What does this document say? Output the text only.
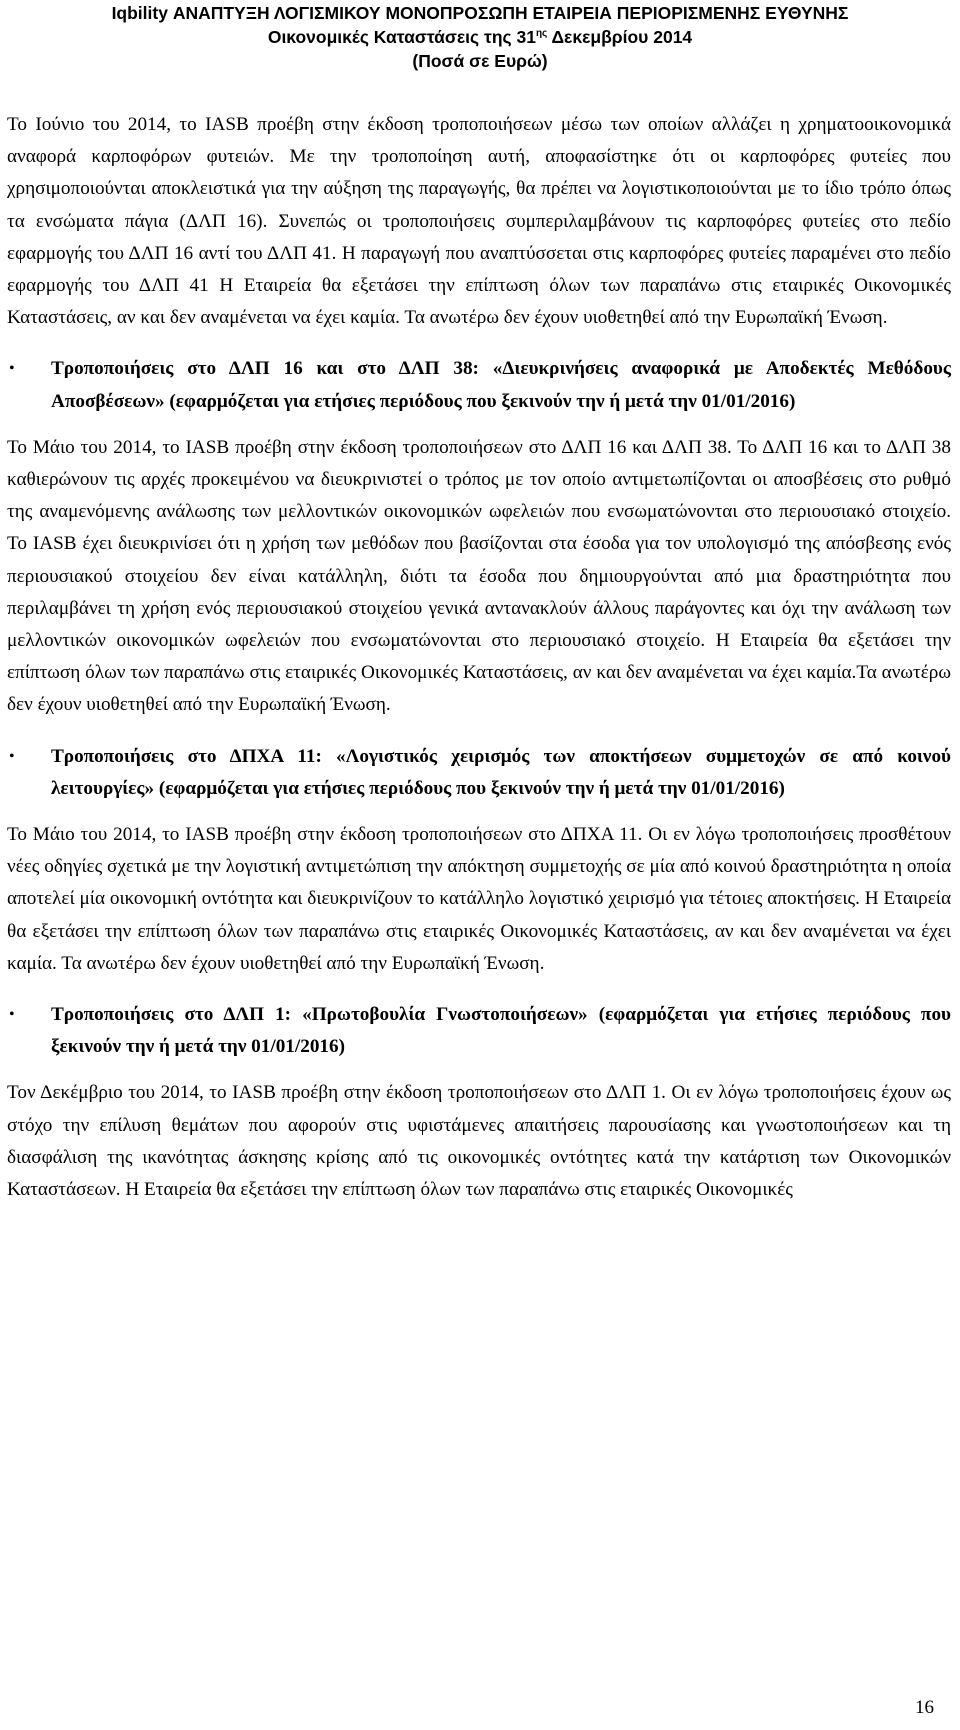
Iqbility ΑΝΑΠΤΥΞΗ ΛΟΓΙΣΜΙΚΟΥ ΜΟΝΟΠΡΟΣΩΠΗ ΕΤΑΙΡΕΙΑ ΠΕΡΙΟΡΙΣΜΕΝΗΣ ΕΥΘΥΝΗΣ
Οικονομικές Καταστάσεις της $31^{\eta\varsigma}$ Δεκεμβρίου 2014
(Ποσά σε Ευρώ)

Το Ιούνιο του 2014, το IASB προέβη στην έκδοση τροποποιήσεων μέσω των οποίων αλλάζει η χρηματοοικονομικά αναφορά καρποφόρων φυτειών. Με την τροποποίηση αυτή, αποφασίστηκε ότι οι καρποφόρες φυτείες που χρησιμοποιούνται αποκλειστικά για την αύξηση της παραγωγής, θα πρέπει να λογιστικοποιούνται με το ίδιο τρόπο όπως τα ενσώματα πάγια (ΔΛΠ 16). Συνεπώς οι τροποποιήσεις συμπεριλαμβάνουν τις καρποφόρες φυτείες στο πεδίο εφαρμογής του ΔΛΠ 16 αντί του ΔΛΠ 41. Η παραγωγή που αναπτύσσεται στις καρποφόρες φυτείες παραμένει στο πεδίο εφαρμογής του ΔΛΠ 41 Η Εταιρεία θα εξετάσει την επίπτωση όλων των παραπάνω στις εταιρικές Οικονομικές Καταστάσεις, αν και δεν αναμένεται να έχει καμία. Τα ανωτέρω δεν έχουν υιοθετηθεί από την Ευρωπαϊκή Ένωση.

• Τροποποιήσεις στο ΔΛΠ 16 και στο ΔΛΠ 38: «Διευκρινήσεις αναφορικά με Αποδεκτές Μεθόδους Αποσβέσεων» (εφαρμόζεται για ετήσιες περιόδους που ξεκινούν την ή μετά την 01/01/2016)

Το Μάιο του 2014, το IASB προέβη στην έκδοση τροποποιήσεων στο ΔΛΠ 16 και ΔΛΠ 38. Το ΔΛΠ 16 και το ΔΛΠ 38 καθιερώνουν τις αρχές προκειμένου να διευκρινιστεί ο τρόπος με τον οποίο αντιμετωπίζονται οι αποσβέσεις στο ρυθμό της αναμενόμενης ανάλωσης των μελλοντικών οικονομικών ωφελειών που ενσωματώνονται στο περιουσιακό στοιχείο. Το IASB έχει διευκρινίσει ότι η χρήση των μεθόδων που βασίζονται στα έσοδα για τον υπολογισμό της απόσβεσης ενός περιουσιακού στοιχείου δεν είναι κατάλληλη, διότι τα έσοδα που δημιουργούνται από μια δραστηριότητα που περιλαμβάνει τη χρήση ενός περιουσιακού στοιχείου γενικά αντανακλούν άλλους παράγοντες και όχι την ανάλωση των μελλοντικών οικονομικών ωφελειών που ενσωματώνονται στο περιουσιακό στοιχείο. Η Εταιρεία θα εξετάσει την επίπτωση όλων των παραπάνω στις εταιρικές Οικονομικές Καταστάσεις, αν και δεν αναμένεται να έχει καμία.Τα ανωτέρω δεν έχουν υιοθετηθεί από την Ευρωπαϊκή Ένωση.

• Τροποποιήσεις στο ΔΠΧΑ 11: «Λογιστικός χειρισμός των αποκτήσεων συμμετοχών σε από κοινού λειτουργίες» (εφαρμόζεται για ετήσιες περιόδους που ξεκινούν την ή μετά την 01/01/2016)

Το Μάιο του 2014, το IASB προέβη στην έκδοση τροποποιήσεων στο ΔΠΧΑ 11. Οι εν λόγω τροποποιήσεις προσθέτουν νέες οδηγίες σχετικά με την λογιστική αντιμετώπιση την απόκτηση συμμετοχής σε μία από κοινού δραστηριότητα η οποία αποτελεί μία οικονομική οντότητα και διευκρινίζουν το κατάλληλο λογιστικό χειρισμό για τέτοιες αποκτήσεις. Η Εταιρεία θα εξετάσει την επίπτωση όλων των παραπάνω στις εταιρικές Οικονομικές Καταστάσεις, αν και δεν αναμένεται να έχει καμία. Τα ανωτέρω δεν έχουν υιοθετηθεί από την Ευρωπαϊκή Ένωση.

• Τροποποιήσεις στο ΔΛΠ 1: «Πρωτοβουλία Γνωστοποιήσεων» (εφαρμόζεται για ετήσιες περιόδους που ξεκινούν την ή μετά την 01/01/2016)

Τον Δεκέμβριο του 2014, το IASB προέβη στην έκδοση τροποποιήσεων στο ΔΛΠ 1. Οι εν λόγω τροποποιήσεις έχουν ως στόχο την επίλυση θεμάτων που αφορούν στις υφιστάμενες απαιτήσεις παρουσίασης και γνωστοποιήσεων και τη διασφάλιση της ικανότητας άσκησης κρίσης από τις οικονομικές οντότητες κατά την κατάρτιση των Οικονομικών Καταστάσεων. Η Εταιρεία θα εξετάσει την επίπτωση όλων των παραπάνω στις εταιρικές Οικονομικές

16
